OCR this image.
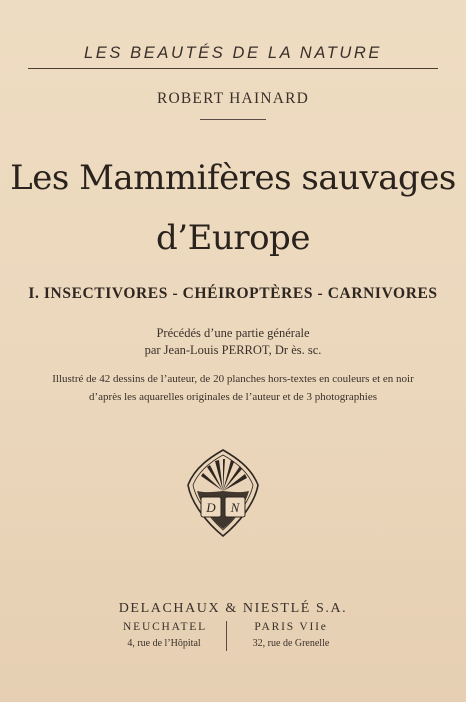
LES BEAUTÉS DE LA NATURE
ROBERT HAINARD
Les Mammifères sauvages
d’Europe
I. INSECTIVORES - CHÉIROPTÈRES - CARNIVORES
Précédés d’une partie générale
par Jean-Louis PERROT, Dr ès. sc.
Illustré de 42 dessins de l’auteur, de 20 planches hors-textes en couleurs et en noir
d’après les aquarelles originales de l’auteur et de 3 photographies
D N
DELACHAUX & NIESTLÉ S.A.
NEUCHATEL	PARIS VIIe
4, rue de l’Hôpital	32, rue de Grenelle
